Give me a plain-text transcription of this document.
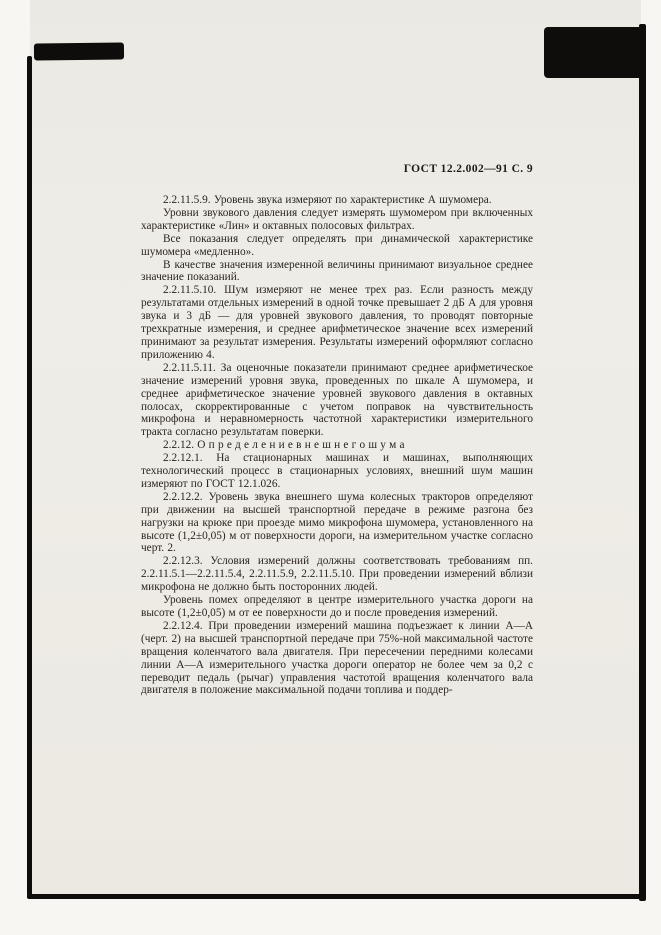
ГОСТ 12.2.002—91 С. 9

2.2.11.5.9. Уровень звука измеряют по характеристике А шумомера.

Уровни звукового давления следует измерять шумомером при включенных характеристике «Лин» и октавных полосовых фильтрах.

Все показания следует определять при динамической характеристике шумомера «медленно».

В качестве значения измеренной величины принимают визуальное среднее значение показаний.

2.2.11.5.10. Шум измеряют не менее трех раз. Если разность между результатами отдельных измерений в одной точке превышает 2 дБ А для уровня звука и 3 дБ — для уровней звукового давления, то проводят повторные трехкратные измерения, и среднее арифметическое значение всех измерений принимают за результат измерения. Результаты измерений оформляют согласно приложению 4.

2.2.11.5.11. За оценочные показатели принимают среднее арифметическое значение измерений уровня звука, проведенных по шкале А шумомера, и среднее арифметическое значение уровней звукового давления в октавных полосах, скорректированные с учетом поправок на чувствительность микрофона и неравномерность частотной характеристики измерительного тракта согласно результатам поверки.

2.2.12. О п р е д е л е н и е в н е ш н е г о ш у м а

2.2.12.1. На стационарных машинах и машинах, выполняющих технологический процесс в стационарных условиях, внешний шум машин измеряют по ГОСТ 12.1.026.

2.2.12.2. Уровень звука внешнего шума колесных тракторов определяют при движении на высшей транспортной передаче в режиме разгона без нагрузки на крюке при проезде мимо микрофона шумомера, установленного на высоте (1,2±0,05) м от поверхности дороги, на измерительном участке согласно черт. 2.

2.2.12.3. Условия измерений должны соответствовать требованиям пп. 2.2.11.5.1—2.2.11.5.4, 2.2.11.5.9, 2.2.11.5.10. При проведении измерений вблизи микрофона не должно быть посторонних людей.

Уровень помех определяют в центре измерительного участка дороги на высоте (1,2±0,05) м от ее поверхности до и после проведения измерений.

2.2.12.4. При проведении измерений машина подъезжает к линии А—А (черт. 2) на высшей транспортной передаче при 75%-ной максимальной частоте вращения коленчатого вала двигателя. При пересечении передними колесами линии А—А измерительного участка дороги оператор не более чем за 0,2 с переводит педаль (рычаг) управления частотой вращения коленчатого вала двигателя в положение максимальной подачи топлива и поддер-
